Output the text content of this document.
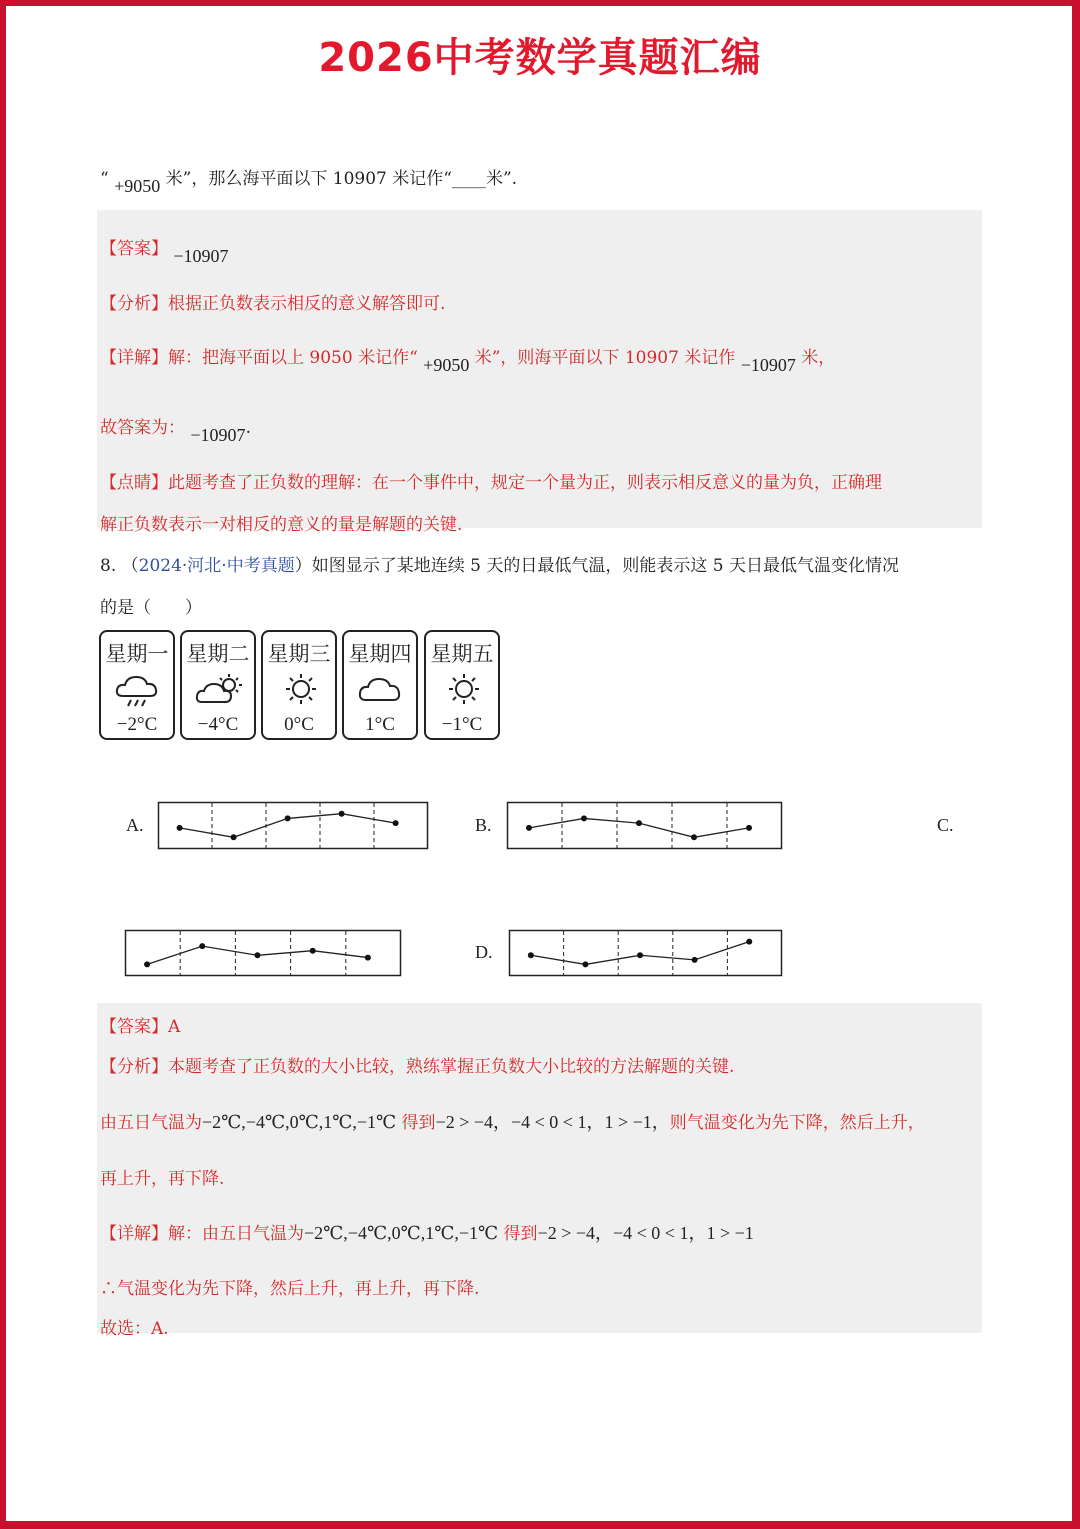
2026中考数学真题汇编
“ +9050 米”，那么海平面以下 10907 米记作“____米”.
【答案】 −10907
【分析】根据正负数表示相反的意义解答即可.
【详解】解：把海平面以上 9050 米记作“ +9050 米”，则海平面以下 10907 米记作 −10907 米，
故答案为： −10907.
【点睛】此题考查了正负数的理解：在一个事件中，规定一个量为正，则表示相反意义的量为负，正确理
解正负数表示一对相反的意义的量是解题的关键.
8. （2024·河北·中考真题）如图显示了某地连续 5 天的日最低气温，则能表示这 5 天日最低气温变化情况
的是（　　）
星期一
−2°C
星期二
−4°C
星期三
0°C
星期四
1°C
星期五
−1°C
A.	B.	C.
D.
【答案】A
【分析】本题考查了正负数的大小比较，熟练掌握正负数大小比较的方法解题的关键.
由五日气温为−2℃,−4℃,0℃,1℃,−1℃ 得到−2 > −4，−4 < 0 < 1，1 > −1，则气温变化为先下降，然后上升，
再上升，再下降.
【详解】解：由五日气温为−2℃,−4℃,0℃,1℃,−1℃ 得到−2 > −4，−4 < 0 < 1，1 > −1
∴气温变化为先下降，然后上升，再上升，再下降.
故选：A.
